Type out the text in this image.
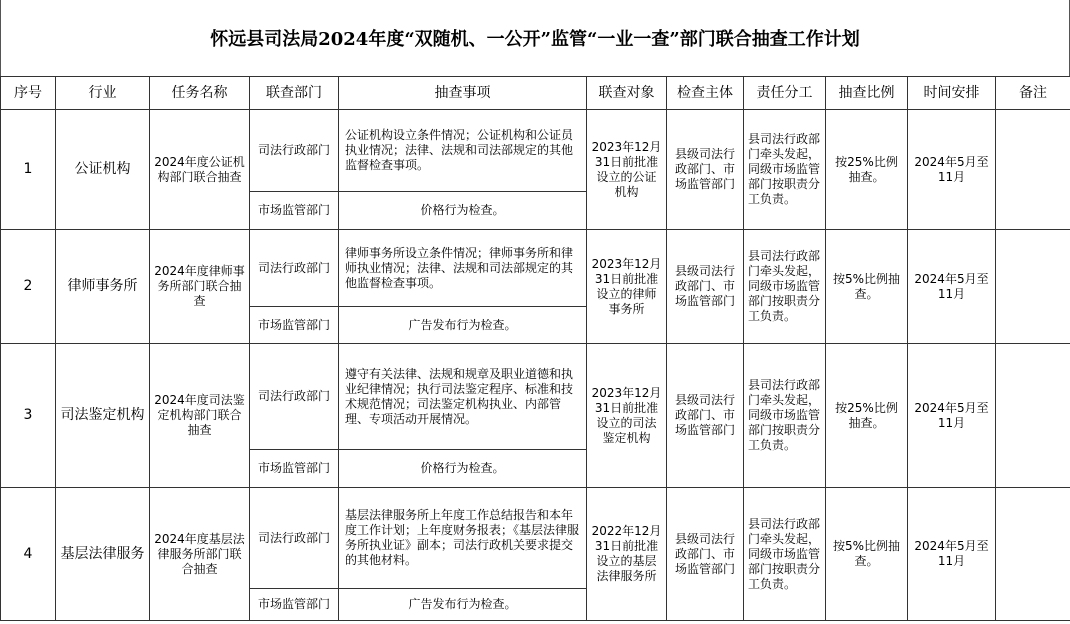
怀远县司法局2024年度“双随机、一公开”监管“一业一查”部门联合抽查工作计划
序号	行业	任务名称	联查部门	抽查事项	联查对象	检查主体	责任分工	抽查比例	时间安排	备注
1	公证机构	2024年度公证机构部门联合抽查	司法行政部门	公证机构设立条件情况；公证机构和公证员执业情况；法律、法规和司法部规定的其他监督检查事项。	2023年12月31日前批准设立的公证机构	县级司法行政部门、市场监管部门	县司法行政部门牵头发起，同级市场监管部门按职责分工负责。	按25%比例抽查。	2024年5月至11月	
			市场监管部门	价格行为检查。						
2	律师事务所	2024年度律师事务所部门联合抽查	司法行政部门	律师事务所设立条件情况；律师事务所和律师执业情况；法律、法规和司法部规定的其他监督检查事项。	2023年12月31日前批准设立的律师事务所	县级司法行政部门、市场监管部门	县司法行政部门牵头发起，同级市场监管部门按职责分工负责。	按5%比例抽查。	2024年5月至11月	
			市场监管部门	广告发布行为检查。						
3	司法鉴定机构	2024年度司法鉴定机构部门联合抽查	司法行政部门	遵守有关法律、法规和规章及职业道德和执业纪律情况；执行司法鉴定程序、标准和技术规范情况；司法鉴定机构执业、内部管理、专项活动开展情况。	2023年12月31日前批准设立的司法鉴定机构	县级司法行政部门、市场监管部门	县司法行政部门牵头发起，同级市场监管部门按职责分工负责。	按25%比例抽查。	2024年5月至11月	
			市场监管部门	价格行为检查。						
4	基层法律服务	2024年度基层法律服务所部门联合抽查	司法行政部门	基层法律服务所上年度工作总结报告和本年度工作计划；上年度财务报表；《基层法律服务所执业证》副本；司法行政机关要求提交的其他材料。	2022年12月31日前批准设立的基层法律服务所	县级司法行政部门、市场监管部门	县司法行政部门牵头发起，同级市场监管部门按职责分工负责。	按5%比例抽查。	2024年5月至11月	
			市场监管部门	广告发布行为检查。						
